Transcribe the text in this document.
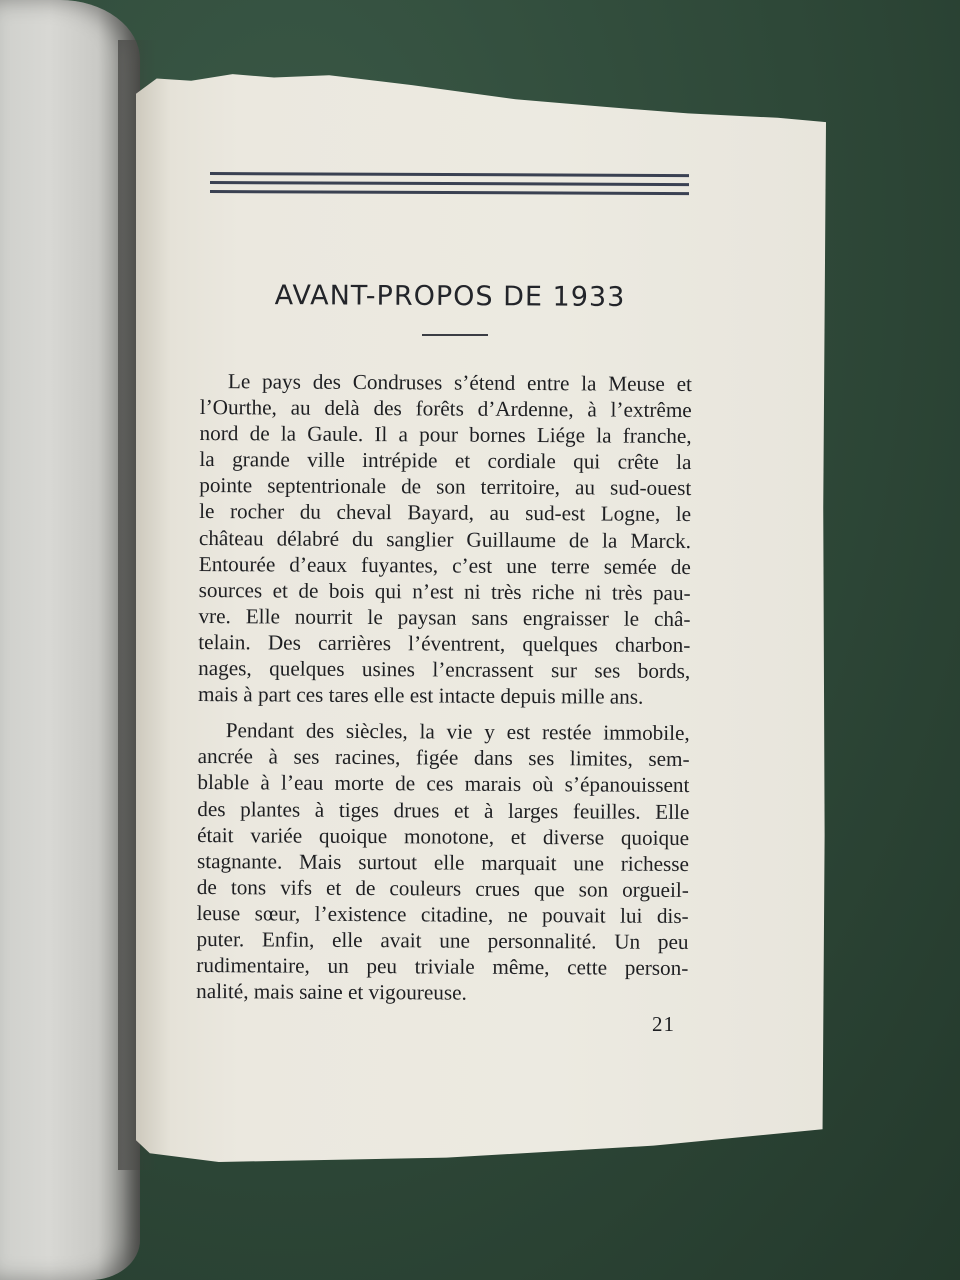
AVANT-PROPOS DE 1933

Le pays des Condruses s’étend entre la Meuse et
l’Ourthe, au delà des forêts d’Ardenne, à l’extrême
nord de la Gaule. Il a pour bornes Liége la franche,
la grande ville intrépide et cordiale qui crête la
pointe septentrionale de son territoire, au sud-ouest
le rocher du cheval Bayard, au sud-est Logne, le
château délabré du sanglier Guillaume de la Marck.
Entourée d’eaux fuyantes, c’est une terre semée de
sources et de bois qui n’est ni très riche ni très pau-
vre. Elle nourrit le paysan sans engraisser le châ-
telain. Des carrières l’éventrent, quelques charbon-
nages, quelques usines l’encrassent sur ses bords,
mais à part ces tares elle est intacte depuis mille ans.

Pendant des siècles, la vie y est restée immobile,
ancrée à ses racines, figée dans ses limites, sem-
blable à l’eau morte de ces marais où s’épanouissent
des plantes à tiges drues et à larges feuilles. Elle
était variée quoique monotone, et diverse quoique
stagnante. Mais surtout elle marquait une richesse
de tons vifs et de couleurs crues que son orgueil-
leuse sœur, l’existence citadine, ne pouvait lui dis-
puter. Enfin, elle avait une personnalité. Un peu
rudimentaire, un peu triviale même, cette person-
nalité, mais saine et vigoureuse.

21
